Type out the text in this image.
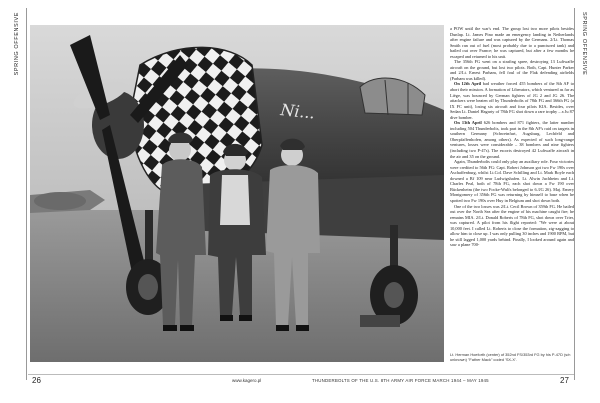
SPRING OFFENSIVE	SPRING OFFENSIVE
Ni...

a POW until the war's end. The group lost two more pilots besides Dunlap. Lt. James Pino made an emergency landing in Netherlands after engine failure and was captured by the Germans. 2/Lt. Thomas Smith ran out of fuel (most probably due to a punctured tank) and bailed out over France; he was captured, but after a few months he escaped and returned to his unit.

The 356th FG went on a strafing spree, destroying 13 Luftwaffe aircraft on the ground, but lost two pilots. Both, Capt. Hunter Parker and 2/Lt. Ernest Parham, fell foul of the Flak defending airfields (Parham was killed).

On 12th April bad weather forced 455 bombers of the 8th AF to abort their mission. A formation of Liberators, which ventured as far as Liège, was bounced by German fighters of JG 2 and JG 26. The attackers were beaten off by Thunderbolts of 78th FG and 366th FG (a IX FC unit), losing six aircraft and four pilots KIA. Besides, over Sedan Lt. Daniel Hagarty of 78th FG shot down a rare trophy – a Ju 87 dive bomber.

On 13th April 626 bombers and 871 fighters, the latter number including 504 Thunderbolts, took part in the 8th AF's raid on targets in southern Germany (Schweinfurt, Augsburg, Lechfeld and Oberpfaffenhofen, among others). As expected of such long-range ventures, losses were considerable – 38 bombers and nine fighters (including two P-47s). The escorts destroyed 42 Luftwaffe aircraft in the air and 35 on the ground.

Again, Thunderbolts could only play an auxiliary role. Four victories were credited to 56th FG: Capt. Robert Johnson got two Fw 190s over Aschaffenburg, whilst Lt.Col. Dave Schilling and Lt. Mark Boyle each downed a Bf 109 near Ludwigshafen. Lt. Alwin Juchheim and Lt. Charles Peal, both of 78th FG, each shot down a Fw 190 over Bückenheim (the two Focke-Wulfs belonged to 6./JG 26). Maj. Emery Montgomery of 356th FG was returning by himself to base when he spotted two Fw 190s over Huy in Belgium and shot down both.

One of the two losses was 2/Lt. Cecil Brown of 359th FG. He bailed out over the North Sea after the engine of his machine caught fire; he remains MIA. 2/Lt. Donald Roberts of 78th FG, shot down over Trier, was captured. A pilot from his flight reported: "We were at about 10,000 feet. I called Lt. Roberts to close the formation, zig-zagging to allow him to close up. I was only pulling 30 inches and 1900 RPM, but he still lagged 1,000 yards behind. Finally, I looked around again and saw a plane 700-

Lt. Herman Hoeforth (center) of 352nd FS/353rd FG by his P-47D (s/n unknown) "Father Mack" coded 'SX-X'.
26	www.kagero.pl	THUNDERBOLTS OF THE U.S. 8TH ARMY AIR FORCE MARCH 1944 – MAY 1945	27
